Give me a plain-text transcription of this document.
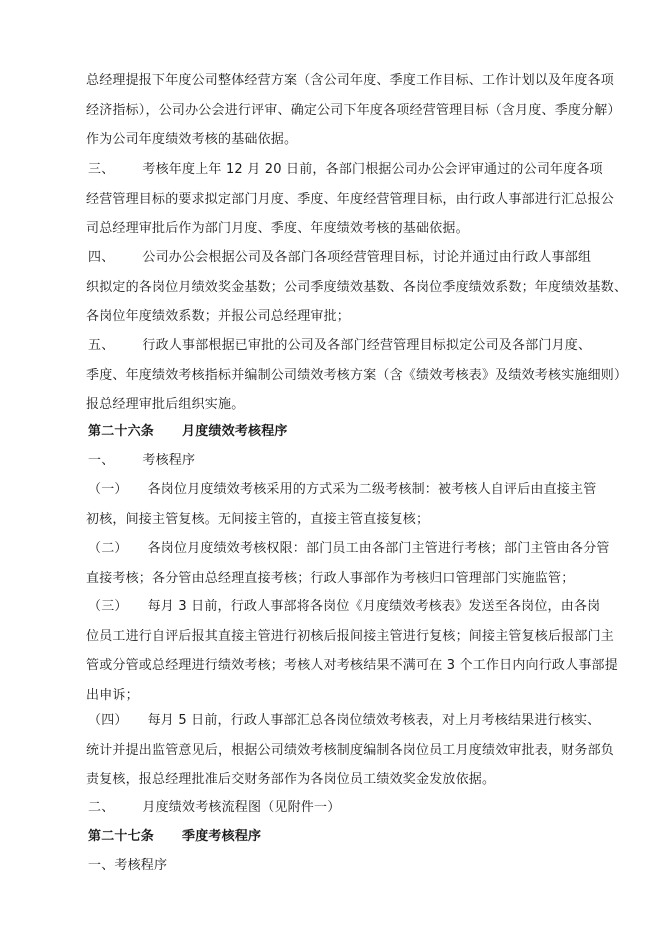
总经理提报下年度公司整体经营方案（含公司年度、季度工作目标、工作计划以及年度各项
经济指标），公司办公会进行评审、确定公司下年度各项经营管理目标（含月度、季度分解）
作为公司年度绩效考核的基础依据。
三、 考核年度上年 12 月 20 日前，各部门根据公司办公会评审通过的公司年度各项
经营管理目标的要求拟定部门月度、季度、年度经营管理目标，由行政人事部进行汇总报公
司总经理审批后作为部门月度、季度、年度绩效考核的基础依据。
四、 公司办公会根据公司及各部门各项经营管理目标，讨论并通过由行政人事部组
织拟定的各岗位月绩效奖金基数；公司季度绩效基数、各岗位季度绩效系数；年度绩效基数、
各岗位年度绩效系数；并报公司总经理审批；
五、 行政人事部根据已审批的公司及各部门经营管理目标拟定公司及各部门月度、
季度、年度绩效考核指标并编制公司绩效考核方案（含《绩效考核表》及绩效考核实施细则）
报总经理审批后组织实施。
第二十六条 月度绩效考核程序
一、 考核程序
（一） 各岗位月度绩效考核采用的方式采为二级考核制：被考核人自评后由直接主管
初核，间接主管复核。无间接主管的，直接主管直接复核；
（二） 各岗位月度绩效考核权限：部门员工由各部门主管进行考核；部门主管由各分管
直接考核；各分管由总经理直接考核；行政人事部作为考核归口管理部门实施监管；
（三） 每月 3 日前，行政人事部将各岗位《月度绩效考核表》发送至各岗位，由各岗
位员工进行自评后报其直接主管进行初核后报间接主管进行复核；间接主管复核后报部门主
管或分管或总经理进行绩效考核；考核人对考核结果不满可在 3 个工作日内向行政人事部提
出申诉；
（四） 每月 5 日前，行政人事部汇总各岗位绩效考核表，对上月考核结果进行核实、
统计并提出监管意见后，根据公司绩效考核制度编制各岗位员工月度绩效审批表，财务部负
责复核，报总经理批准后交财务部作为各岗位员工绩效奖金发放依据。
二、 月度绩效考核流程图（见附件一）
第二十七条 季度考核程序
一、考核程序
